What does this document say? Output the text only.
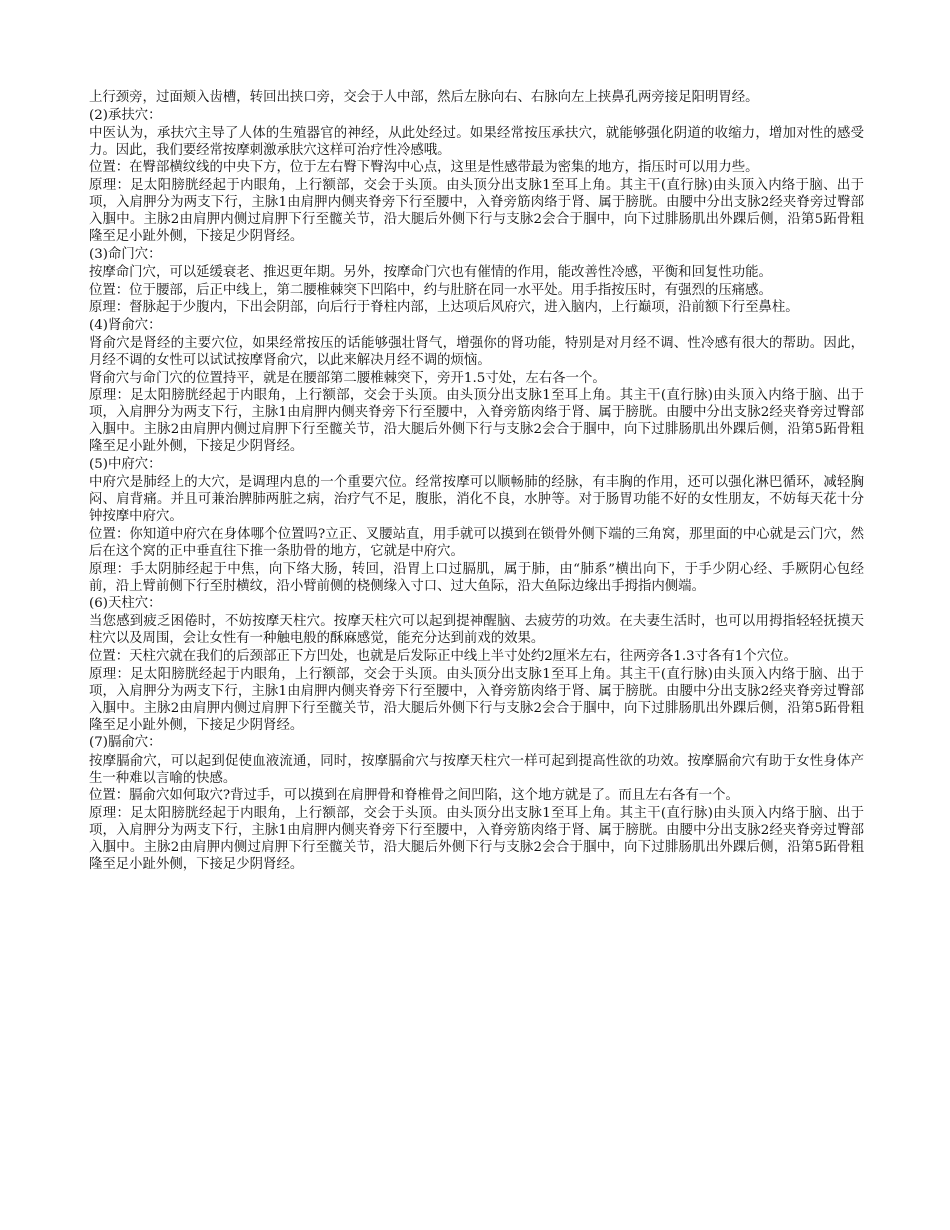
上行颈旁，过面颊入齿槽，转回出挟口旁，交会于人中部，然后左脉向右、右脉向左上挟鼻孔两旁接足阳明胃经。

(2)承扶穴：

中医认为，承扶穴主导了人体的生殖器官的神经，从此处经过。如果经常按压承扶穴，就能够强化阴道的收缩力，增加对性的感受力。因此，我们要经常按摩刺激承肤穴这样可治疗性冷感哦。

位置：在臀部横纹线的中央下方，位于左右臀下臀沟中心点，这里是性感带最为密集的地方，指压时可以用力些。

原理：足太阳膀胱经起于内眼角，上行额部，交会于头顶。由头顶分出支脉1至耳上角。其主干(直行脉)由头顶入内络于脑、出于项，入肩胛分为两支下行，主脉1由肩胛内侧夹脊旁下行至腰中，入脊旁筋肉络于肾、属于膀胱。由腰中分出支脉2经夹脊旁过臀部入腘中。主脉2由肩胛内侧过肩胛下行至髋关节，沿大腿后外侧下行与支脉2会合于腘中，向下过腓肠肌出外踝后侧，沿第5跖骨粗隆至足小趾外侧，下接足少阴肾经。

(3)命门穴：

按摩命门穴，可以延缓衰老、推迟更年期。另外，按摩命门穴也有催情的作用，能改善性冷感，平衡和回复性功能。

位置：位于腰部，后正中线上，第二腰椎棘突下凹陷中，约与肚脐在同一水平处。用手指按压时，有强烈的压痛感。

原理：督脉起于少腹内，下出会阴部，向后行于脊柱内部，上达项后风府穴，进入脑内，上行巅项，沿前额下行至鼻柱。

(4)肾俞穴：

肾俞穴是肾经的主要穴位，如果经常按压的话能够强壮肾气，增强你的肾功能，特别是对月经不调、性冷感有很大的帮助。因此，月经不调的女性可以试试按摩肾俞穴，以此来解决月经不调的烦恼。

肾俞穴与命门穴的位置持平，就是在腰部第二腰椎棘突下，旁开1.5寸处，左右各一个。

原理：足太阳膀胱经起于内眼角，上行额部，交会于头顶。由头顶分出支脉1至耳上角。其主干(直行脉)由头顶入内络于脑、出于项，入肩胛分为两支下行，主脉1由肩胛内侧夹脊旁下行至腰中，入脊旁筋肉络于肾、属于膀胱。由腰中分出支脉2经夹脊旁过臀部入腘中。主脉2由肩胛内侧过肩胛下行至髋关节，沿大腿后外侧下行与支脉2会合于腘中，向下过腓肠肌出外踝后侧，沿第5跖骨粗隆至足小趾外侧，下接足少阴肾经。

(5)中府穴：

中府穴是肺经上的大穴，是调理内息的一个重要穴位。经常按摩可以顺畅肺的经脉，有丰胸的作用，还可以强化淋巴循环，减轻胸闷、肩背痛。并且可兼治脾肺两脏之病，治疗气不足，腹胀，消化不良，水肿等。对于肠胃功能不好的女性朋友，不妨每天花十分钟按摩中府穴。

位置：你知道中府穴在身体哪个位置吗?立正、叉腰站直，用手就可以摸到在锁骨外侧下端的三角窝，那里面的中心就是云门穴，然后在这个窝的正中垂直往下推一条肋骨的地方，它就是中府穴。

原理：手太阴肺经起于中焦，向下络大肠，转回，沿胃上口过膈肌，属于肺，由“肺系”横出向下，于手少阴心经、手厥阴心包经前，沿上臂前侧下行至肘横纹，沿小臂前侧的桡侧缘入寸口、过大鱼际，沿大鱼际边缘出手拇指内侧端。

(6)天柱穴：

当您感到疲乏困倦时，不妨按摩天柱穴。按摩天柱穴可以起到提神醒脑、去疲劳的功效。在夫妻生活时，也可以用拇指轻轻抚摸天柱穴以及周围，会让女性有一种触电般的酥麻感觉，能充分达到前戏的效果。

位置：天柱穴就在我们的后颈部正下方凹处，也就是后发际正中线上半寸处约2厘米左右，往两旁各1.3寸各有1个穴位。

原理：足太阳膀胱经起于内眼角，上行额部，交会于头顶。由头顶分出支脉1至耳上角。其主干(直行脉)由头顶入内络于脑、出于项，入肩胛分为两支下行，主脉1由肩胛内侧夹脊旁下行至腰中，入脊旁筋肉络于肾、属于膀胱。由腰中分出支脉2经夹脊旁过臀部入腘中。主脉2由肩胛内侧过肩胛下行至髋关节，沿大腿后外侧下行与支脉2会合于腘中，向下过腓肠肌出外踝后侧，沿第5跖骨粗隆至足小趾外侧，下接足少阴肾经。

(7)膈俞穴：

按摩膈俞穴，可以起到促使血液流通，同时，按摩膈俞穴与按摩天柱穴一样可起到提高性欲的功效。按摩膈俞穴有助于女性身体产生一种难以言喻的快感。

位置：膈俞穴如何取穴?背过手，可以摸到在肩胛骨和脊椎骨之间凹陷，这个地方就是了。而且左右各有一个。

原理：足太阳膀胱经起于内眼角，上行额部，交会于头顶。由头顶分出支脉1至耳上角。其主干(直行脉)由头顶入内络于脑、出于项，入肩胛分为两支下行，主脉1由肩胛内侧夹脊旁下行至腰中，入脊旁筋肉络于肾、属于膀胱。由腰中分出支脉2经夹脊旁过臀部入腘中。主脉2由肩胛内侧过肩胛下行至髋关节，沿大腿后外侧下行与支脉2会合于腘中，向下过腓肠肌出外踝后侧，沿第5跖骨粗隆至足小趾外侧，下接足少阴肾经。
